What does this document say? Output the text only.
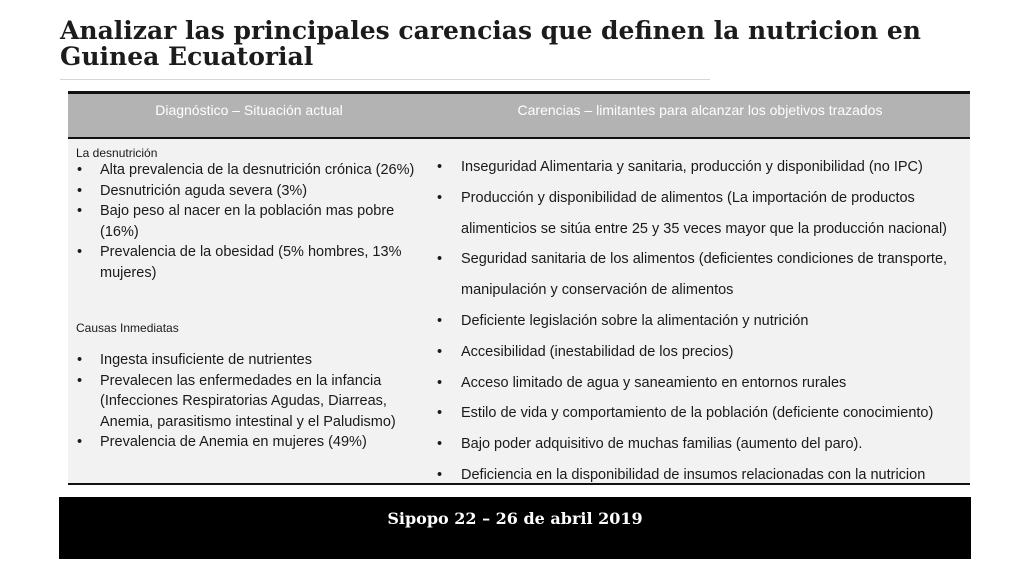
Analizar las principales carencias que definen la nutricion en Guinea Ecuatorial
Diagnóstico – Situación actual	Carencias – limitantes para alcanzar los objetivos trazados

La desnutrición

• Alta prevalencia de la desnutrición crónica (26%)
• Desnutrición aguda severa (3%)
• Bajo peso al nacer en la población mas pobre (16%)
• Prevalencia de la obesidad (5% hombres, 13% mujeres)

Causas Inmediatas

• Ingesta insuficiente de nutrientes
• Prevalecen las enfermedades en la infancia (Infecciones Respiratorias Agudas, Diarreas, Anemia, parasitismo intestinal y el Paludismo)
• Prevalencia de Anemia en mujeres (49%)
• Inseguridad Alimentaria y sanitaria, producción y disponibilidad (no IPC)
• Producción y disponibilidad de alimentos (La importación de productos alimenticios se sitúa entre 25 y 35 veces mayor que la producción nacional)
• Seguridad sanitaria de los alimentos (deficientes condiciones de transporte, manipulación y conservación de alimentos
• Deficiente legislación sobre la alimentación y nutrición
• Accesibilidad (inestabilidad de los precios)
• Acceso limitado de agua y saneamiento en entornos rurales
• Estilo de vida y comportamiento de la población (deficiente conocimiento)
• Bajo poder adquisitivo de muchas familias (aumento del paro).
• Deficiencia en la disponibilidad de insumos relacionadas con la nutricion
Sipopo 22 – 26 de abril 2019
